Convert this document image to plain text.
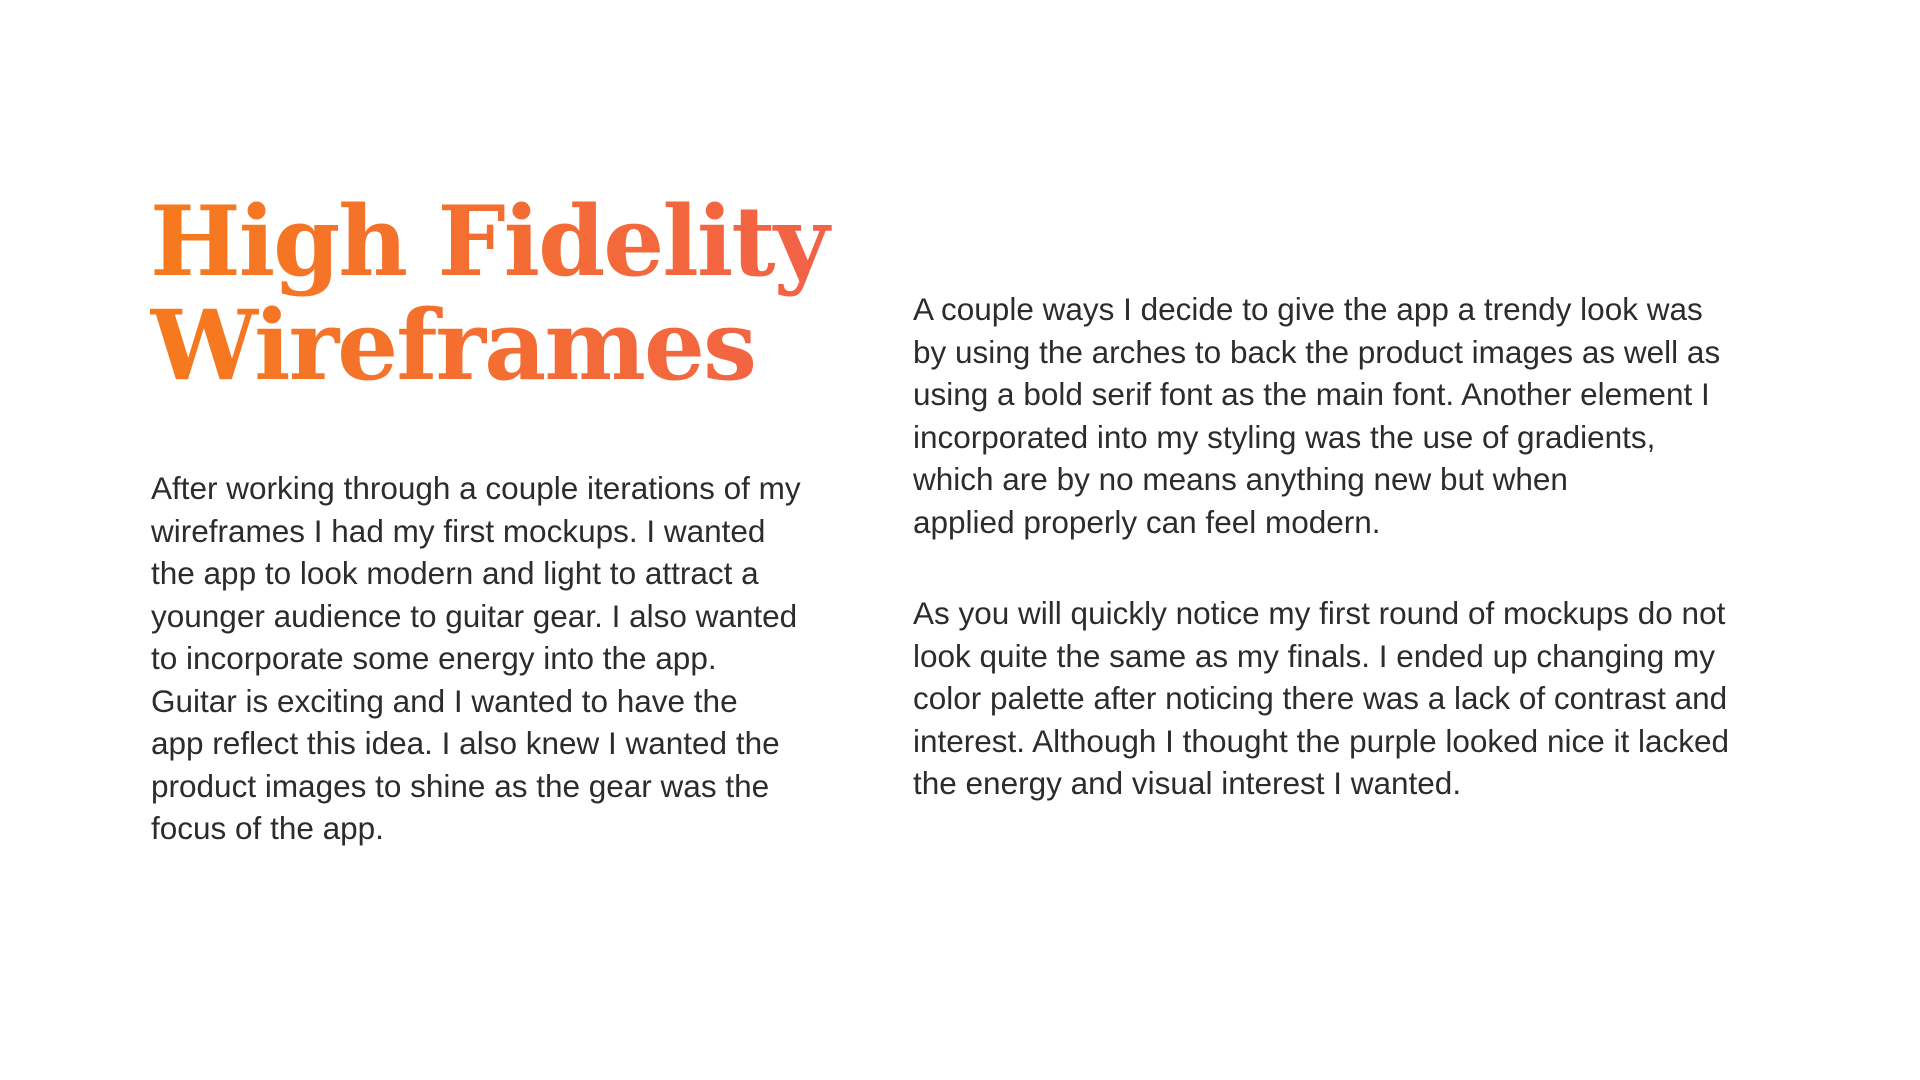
High Fidelity
Wireframes

After working through a couple iterations of my
wireframes I had my first mockups. I wanted
the app to look modern and light to attract a
younger audience to guitar gear. I also wanted
to incorporate some energy into the app.
Guitar is exciting and I wanted to have the
app reflect this idea. I also knew I wanted the
product images to shine as the gear was the
focus of the app.

A couple ways I decide to give the app a trendy look was
by using the arches to back the product images as well as
using a bold serif font as the main font. Another element I
incorporated into my styling was the use of gradients,
which are by no means anything new but when
applied properly can feel modern.

As you will quickly notice my first round of mockups do not
look quite the same as my finals. I ended up changing my
color palette after noticing there was a lack of contrast and
interest. Although I thought the purple looked nice it lacked
the energy and visual interest I wanted.
